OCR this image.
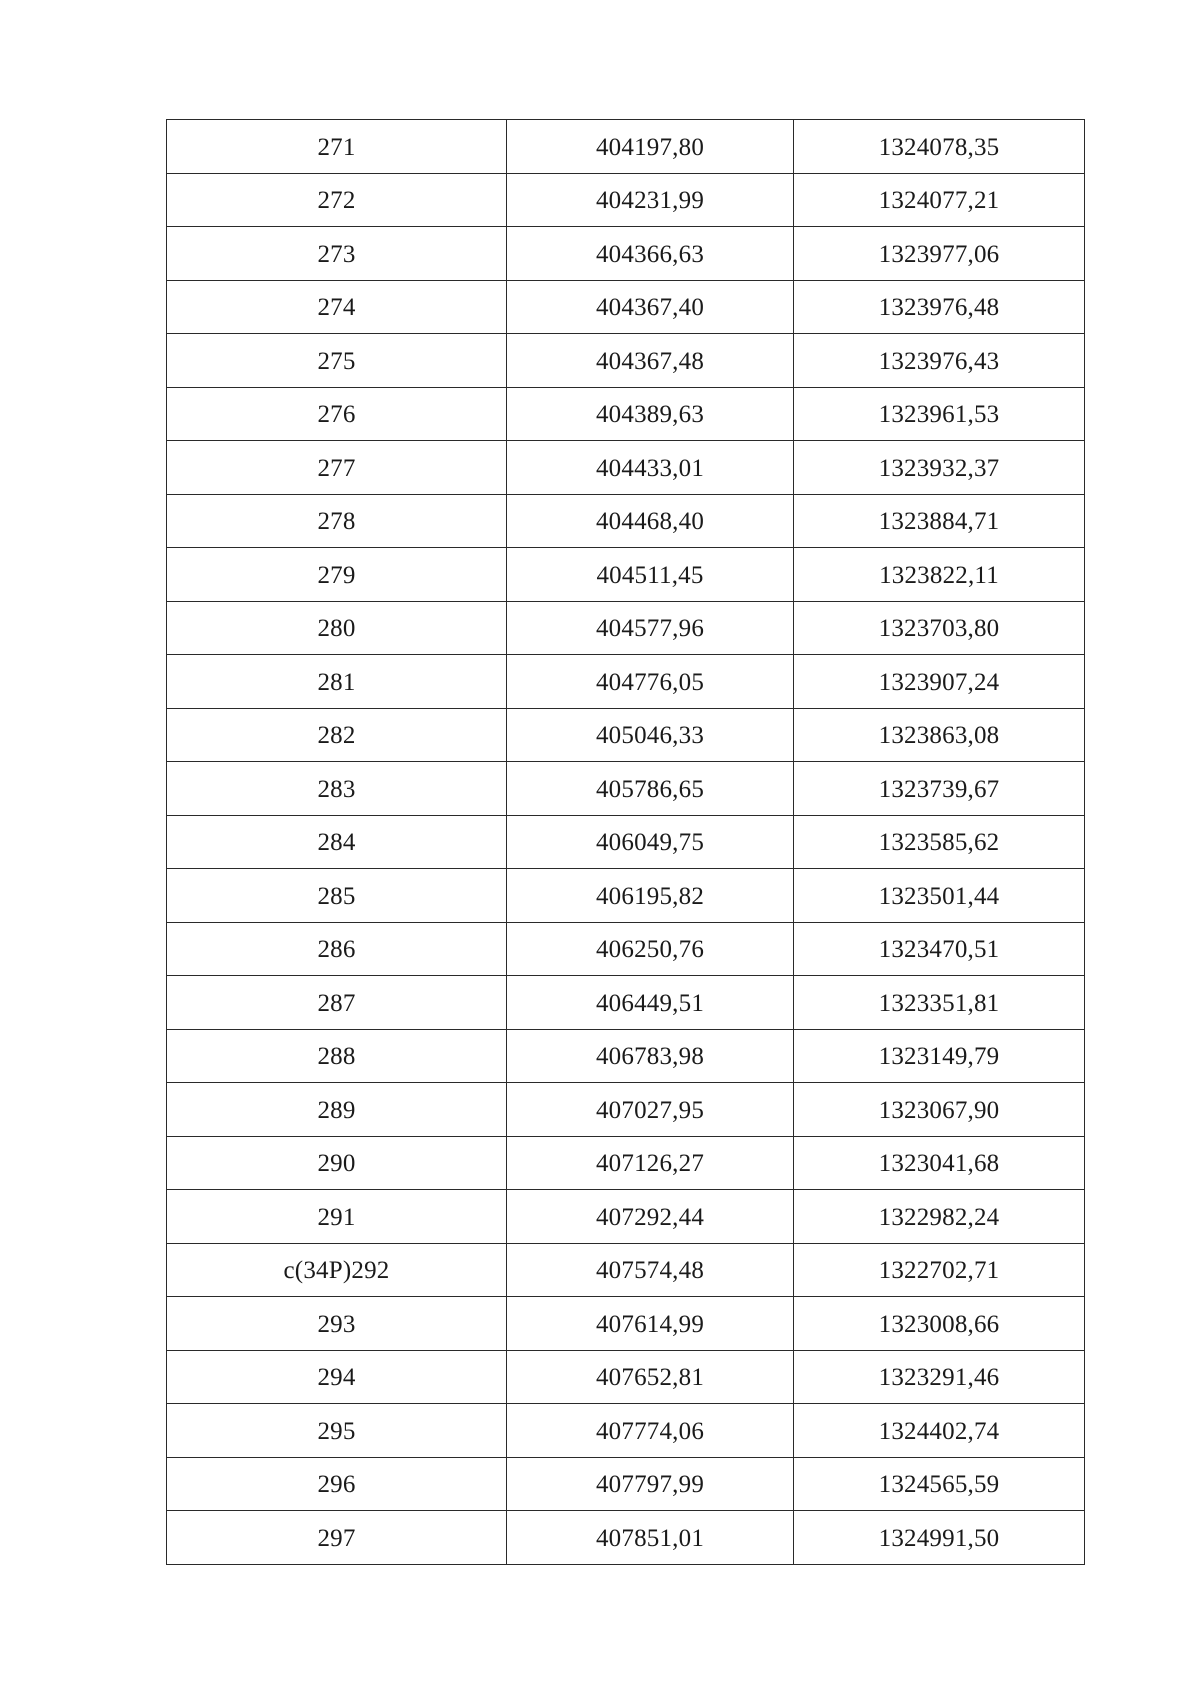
271	404197,80	1324078,35
272	404231,99	1324077,21
273	404366,63	1323977,06
274	404367,40	1323976,48
275	404367,48	1323976,43
276	404389,63	1323961,53
277	404433,01	1323932,37
278	404468,40	1323884,71
279	404511,45	1323822,11
280	404577,96	1323703,80
281	404776,05	1323907,24
282	405046,33	1323863,08
283	405786,65	1323739,67
284	406049,75	1323585,62
285	406195,82	1323501,44
286	406250,76	1323470,51
287	406449,51	1323351,81
288	406783,98	1323149,79
289	407027,95	1323067,90
290	407126,27	1323041,68
291	407292,44	1322982,24
c(34P)292	407574,48	1322702,71
293	407614,99	1323008,66
294	407652,81	1323291,46
295	407774,06	1324402,74
296	407797,99	1324565,59
297	407851,01	1324991,50
